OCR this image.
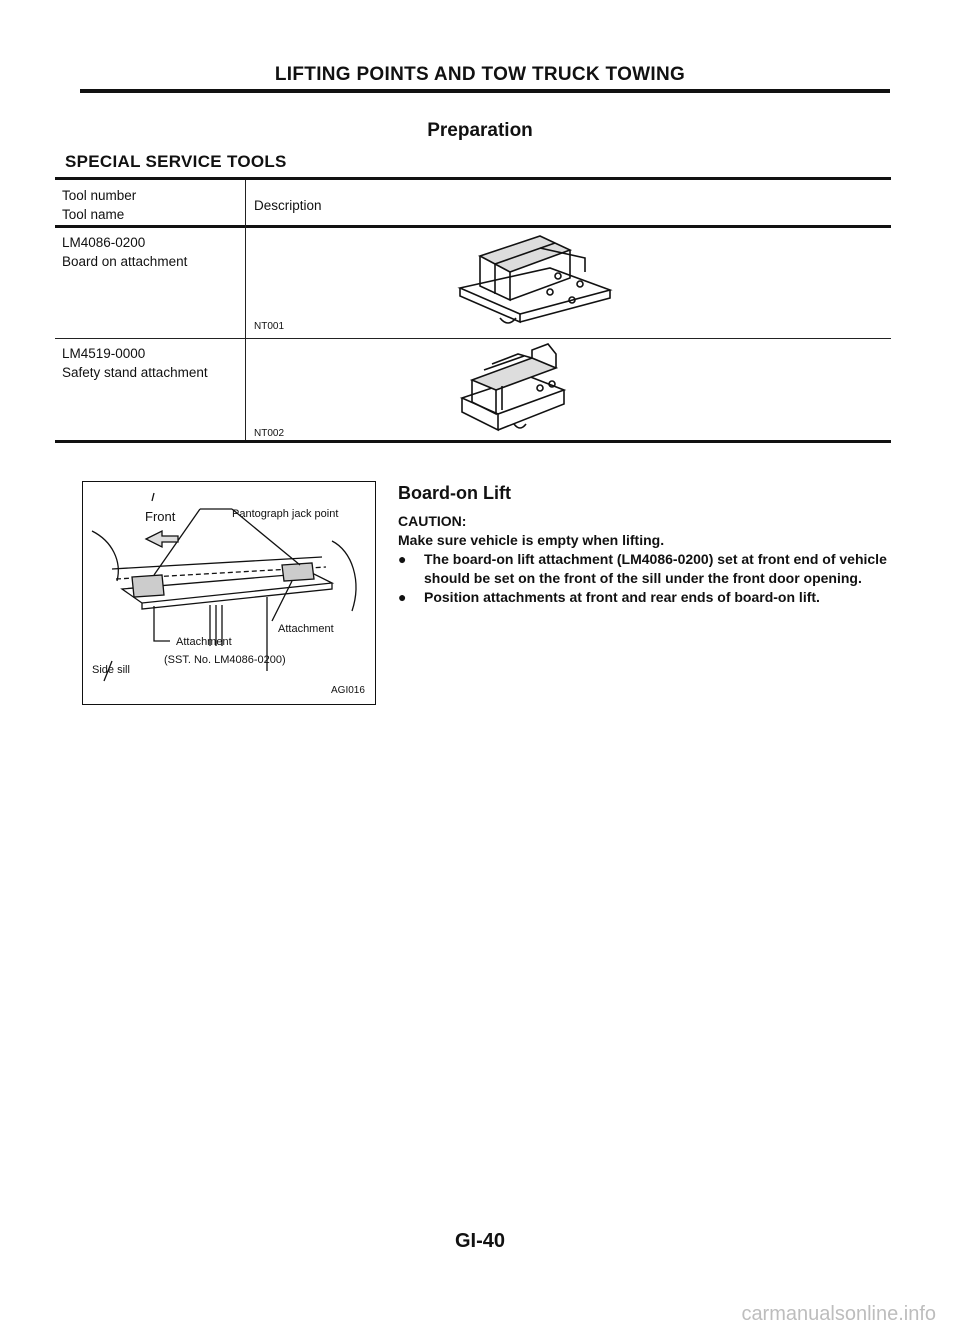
LIFTING POINTS AND TOW TRUCK TOWING
Preparation
SPECIAL SERVICE TOOLS
Tool number
Tool name
Description
LM4086-0200
Board on attachment
NT001
LM4519-0000
Safety stand attachment
NT002
Front	Pantograph jack point
Attachment
Attachment
(SST. No. LM4086-0200)
Side sill
AGI016
Board-on Lift
CAUTION:
Make sure vehicle is empty when lifting.
● The board-on lift attachment (LM4086-0200) set at front end of vehicle should be set on the front of the sill under the front door opening.
● Position attachments at front and rear ends of board-on lift.
GI-40
carmanualsonline.info
